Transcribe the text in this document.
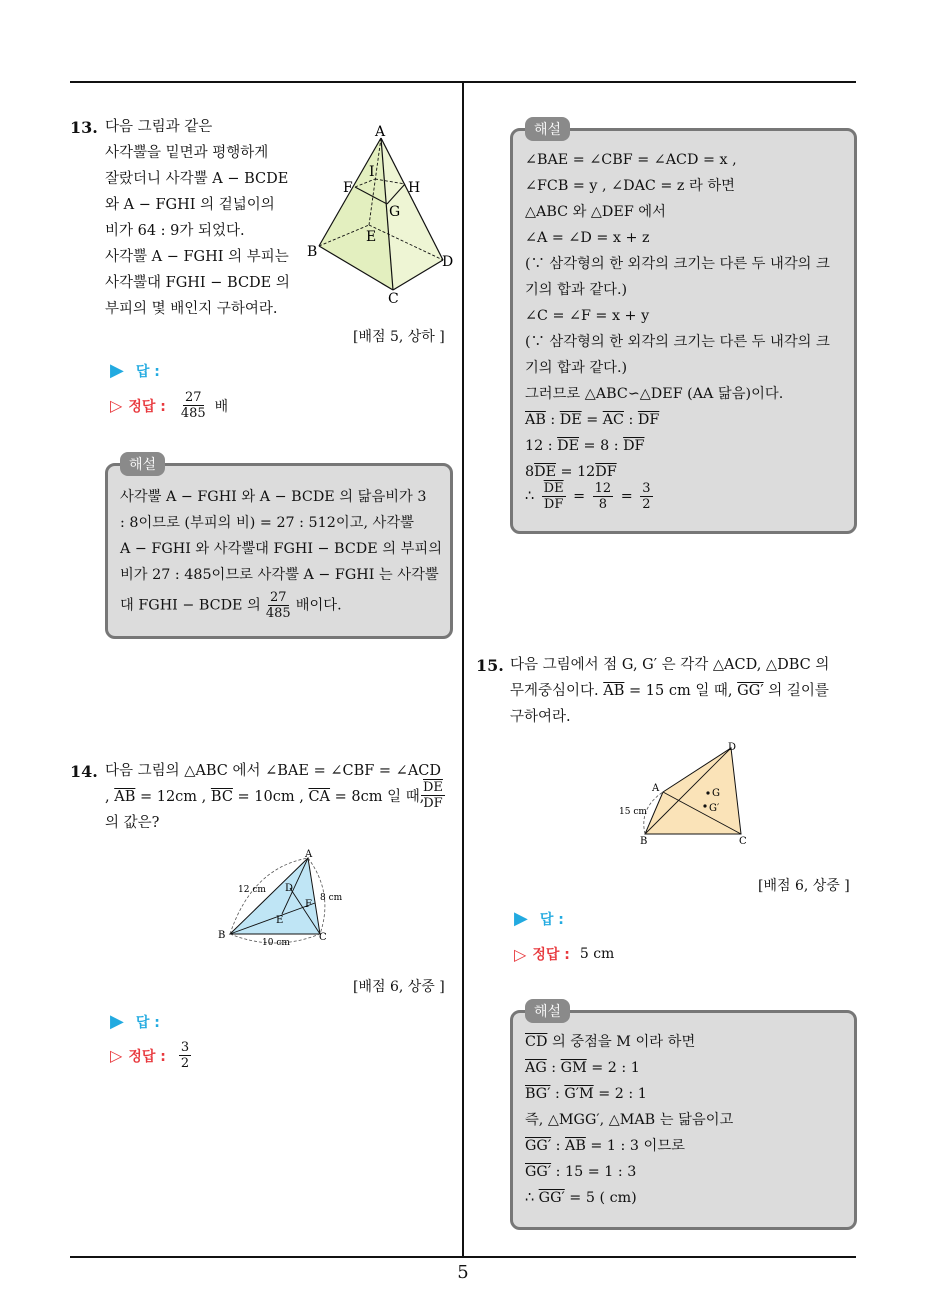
5
13. 다음 그림과 같은

사각뿔을 밑면과 평행하게

잘랐더니 사각뿔 A − BCDE

와 A − FGHI 의 겉넓이의

비가 64 : 9가 되었다.

사각뿔 A − FGHI 의 부피는

사각뿔대 FGHI − BCDE 의

부피의 몇 배인지 구하여라.

A
B
C
D
E
F
G
H
I
[배점 5, 상하 ]
▶ 답 :
▷ 정답 : $\frac{27}{485}$ 배
해설

사각뿔 A − FGHI 와 A − BCDE 의 닮음비가 3

: 8이므로 (부피의 비) = 27 : 512이고, 사각뿔

A − FGHI 와 사각뿔대 FGHI − BCDE 의 부피의

비가 27 : 485이므로 사각뿔 A − FGHI 는 사각뿔

대 FGHI − BCDE 의 $\frac{27}{485}$ 배이다.

14. 다음 그림의 △ABC 에서 ∠BAE = ∠CBF = ∠ACD

, $\overline{AB} = 12cm$ , $\overline{BC} = 10cm$ , $\overline{CA} = 8cm$ 일 때,

의 값은?

$\frac{\overline{DE}}{DF}$
A
B	C
D
E
F
12 cm
8 cm
10 cm
[배점 6, 상중 ]
▶ 답 :
▷ 정답 : $\frac{3}{2}$
해설

∠BAE = ∠CBF = ∠ACD = x ,

∠FCB = y , ∠DAC = z 라 하면

△ABC 와 △DEF 에서

∠A = ∠D = x + z

(∵ 삼각형의 한 외각의 크기는 다른 두 내각의 크

기의 합과 같다.)

∠C = ∠F = x + y

(∵ 삼각형의 한 외각의 크기는 다른 두 내각의 크

기의 합과 같다.)

그러므로 △ABC∽△DEF (AA 닮음)이다.

$\overline{AB}$ : $\overline{DE} = \overline{AC}$ : $\overline{DF}$

12 : $\overline{DE} = 8$ : $\overline{DF}$

$8\overline{DE} = 12\overline{DF}$

∴ $\frac{\overline{DE}}{DF} = \frac{12}{8} = \frac{3}{2}$

15. 다음 그림에서 점 G, G′ 은 각각 △ACD, △DBC 의

무게중심이다. $\overline{AB} = 15$ cm 일 때, GG′ 의 길이를

구하여라.

D
A
B	C
G
G′
15 cm
[배점 6, 상중 ]
▶ 답 :
▷ 정답 : 5 cm
해설

$\overline{CD}$ 의 중점을 M 이라 하면

$\overline{AG}$ : $\overline{GM} = 2$ : 1

BG′ : G′M = 2 : 1

즉, △MGG′, △MAB 는 닮음이고

GG′ : $\overline{AB} = 1$ : 3 이므로

GG′ : 15 = 1 : 3

∴ GG′ = 5 ( cm)
